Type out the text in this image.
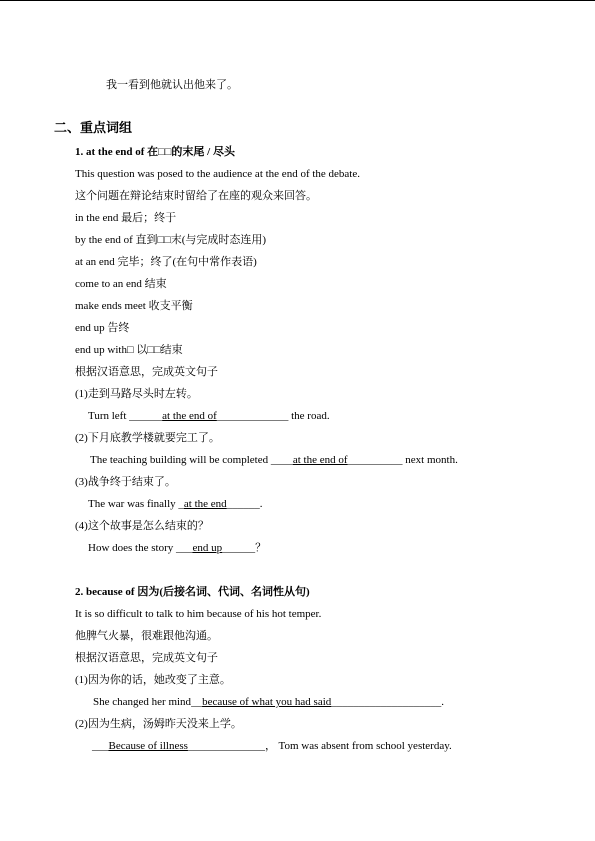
我一看到他就认出他来了。
二、重点词组
1. at the end of 在□□的末尾 / 尽头
This question was posed to the audience at the end of the debate.
这个问题在辩论结束时留给了在座的观众来回答。
in the end 最后；终于
by the end of 直到□□末(与完成时态连用)
at an end 完毕；终了(在句中常作表语)
come to an end 结束
make ends meet 收支平衡
end up 告终
end up with□ 以□□结束
根据汉语意思，完成英文句子
(1)走到马路尽头时左转。
Turn left ______at the end of_____________ the road.
(2)下月底教学楼就要完工了。
The teaching building will be completed ____at the end of__________ next month.
(3)战争终于结束了。
The war was finally _at the end______.
(4)这个故事是怎么结束的？
How does the story ___end up______？
2. because of 因为(后接名词、代词、名词性从句)
It is so difficult to talk to him because of his hot temper.
他脾气火暴，很难跟他沟通。
根据汉语意思，完成英文句子
(1)因为你的话，她改变了主意。
She changed her mind__because of what you had said____________________.
(2)因为生病，汤姆昨天没来上学。
___Because of illness______________， Tom was absent from school yesterday.
